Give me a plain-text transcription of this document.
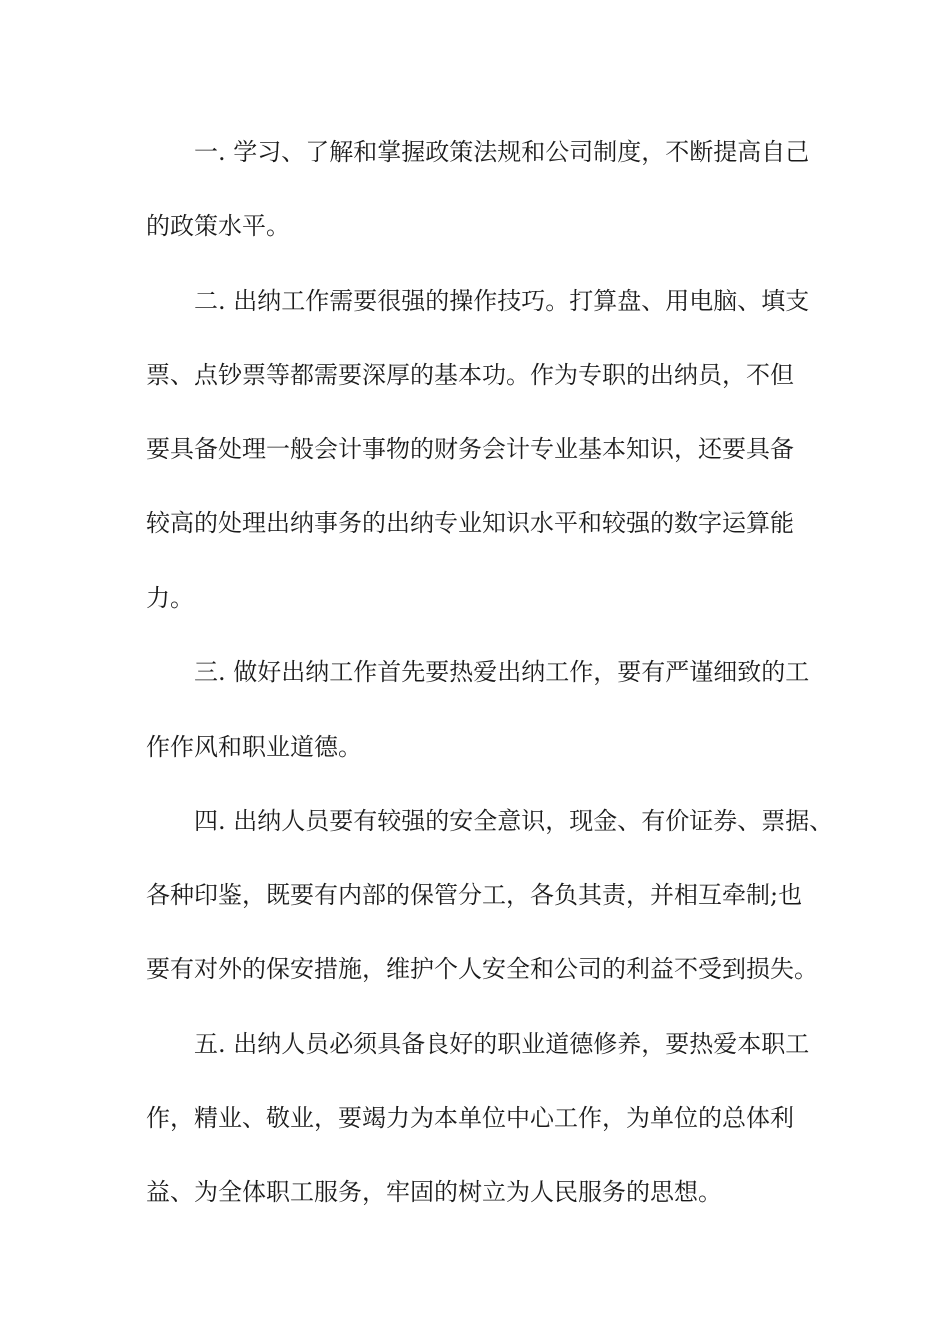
一. 学习、了解和掌握政策法规和公司制度，不断提高自己

的政策水平。

二. 出纳工作需要很强的操作技巧。打算盘、用电脑、填支

票、点钞票等都需要深厚的基本功。作为专职的出纳员，不但

要具备处理一般会计事物的财务会计专业基本知识，还要具备

较高的处理出纳事务的出纳专业知识水平和较强的数字运算能

力。

三. 做好出纳工作首先要热爱出纳工作，要有严谨细致的工

作作风和职业道德。

四. 出纳人员要有较强的安全意识，现金、有价证券、票据、

各种印鉴，既要有内部的保管分工，各负其责，并相互牵制;也

要有对外的保安措施，维护个人安全和公司的利益不受到损失。

五. 出纳人员必须具备良好的职业道德修养，要热爱本职工

作，精业、敬业，要竭力为本单位中心工作，为单位的总体利

益、为全体职工服务，牢固的树立为人民服务的思想。
